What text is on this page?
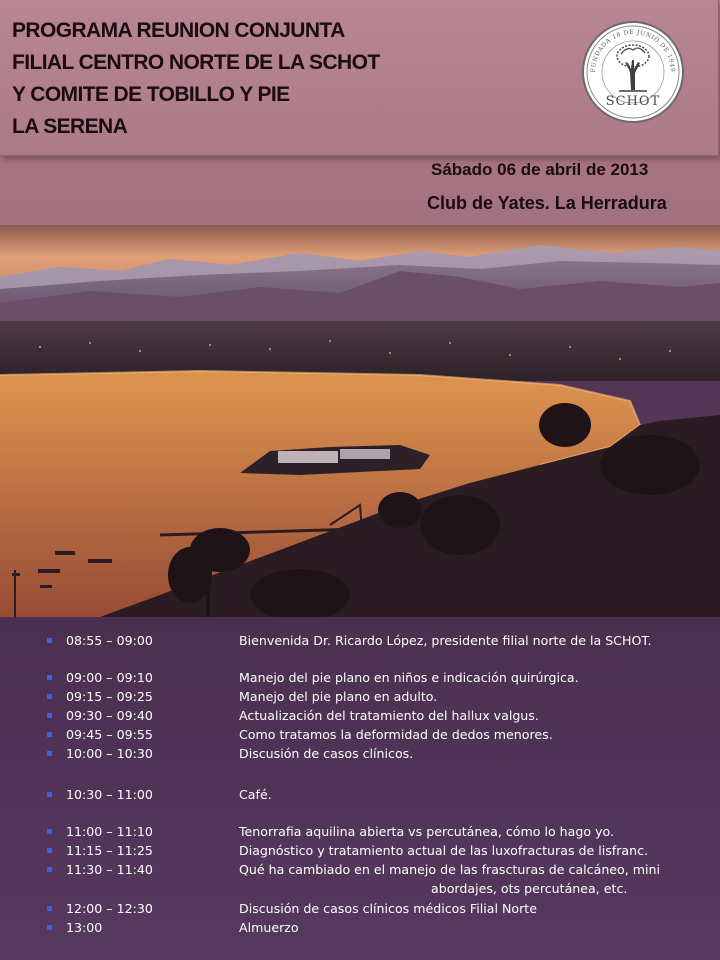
PROGRAMA REUNION CONJUNTA
FILIAL CENTRO NORTE DE LA SCHOT
Y COMITE DE TOBILLO Y PIE
LA SERENA
FUNDADA 18 DE JUNIO DE 1949
SCHOT
Sábado 06 de abril de 2013
Club de Yates. La Herradura
08:55 – 09:00	Bienvenida Dr. Ricardo López, presidente filial norte de la SCHOT.
09:00 – 09:10	Manejo del pie plano en niños e indicación quirúrgica.
09:15 – 09:25	Manejo del pie plano en adulto.
09:30 – 09:40	Actualización del tratamiento del hallux valgus.
09:45 – 09:55	Como tratamos la deformidad de dedos menores.
10:00 – 10:30	Discusión de casos clínicos.
10:30 – 11:00	Café.
11:00 – 11:10	Tenorrafia aquilina abierta vs percutánea, cómo lo hago yo.
11:15 – 11:25	Diagnóstico y tratamiento actual de las luxofracturas de lisfranc.
11:30 – 11:40	Qué ha cambiado en el manejo de las frascturas de calcáneo, mini
abordajes, ots percutánea, etc.
12:00 – 12:30	Discusión de casos clínicos médicos Filial Norte
13:00	Almuerzo
